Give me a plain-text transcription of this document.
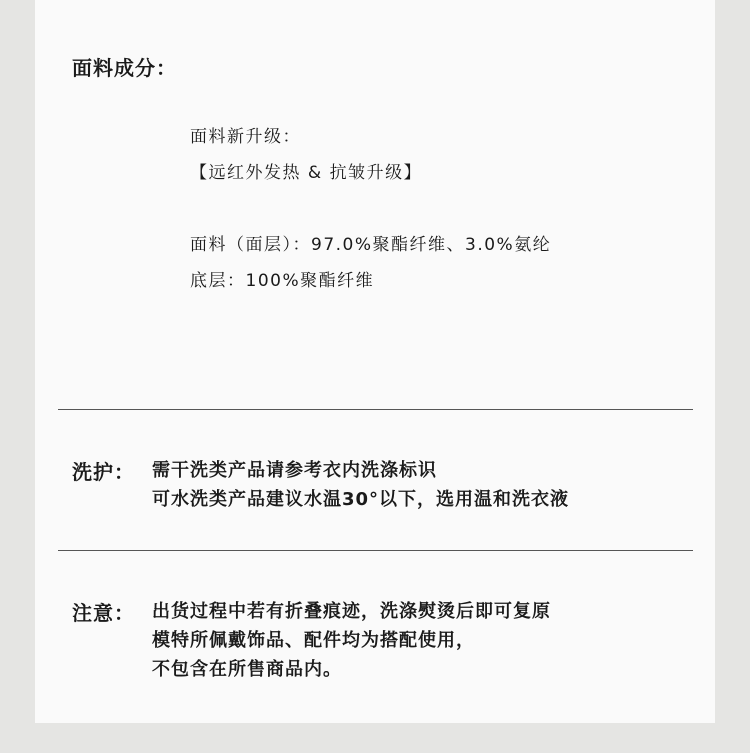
面料成分：
面料新升级：
【远红外发热 & 抗皱升级】
面料（面层）：97.0%聚酯纤维、3.0%氨纶
底层：100%聚酯纤维
洗护： 需干洗类产品请参考衣内洗涤标识
可水洗类产品建议水温30°以下，选用温和洗衣液
注意： 出货过程中若有折叠痕迹，洗涤熨烫后即可复原
模特所佩戴饰品、配件均为搭配使用，
不包含在所售商品内。
